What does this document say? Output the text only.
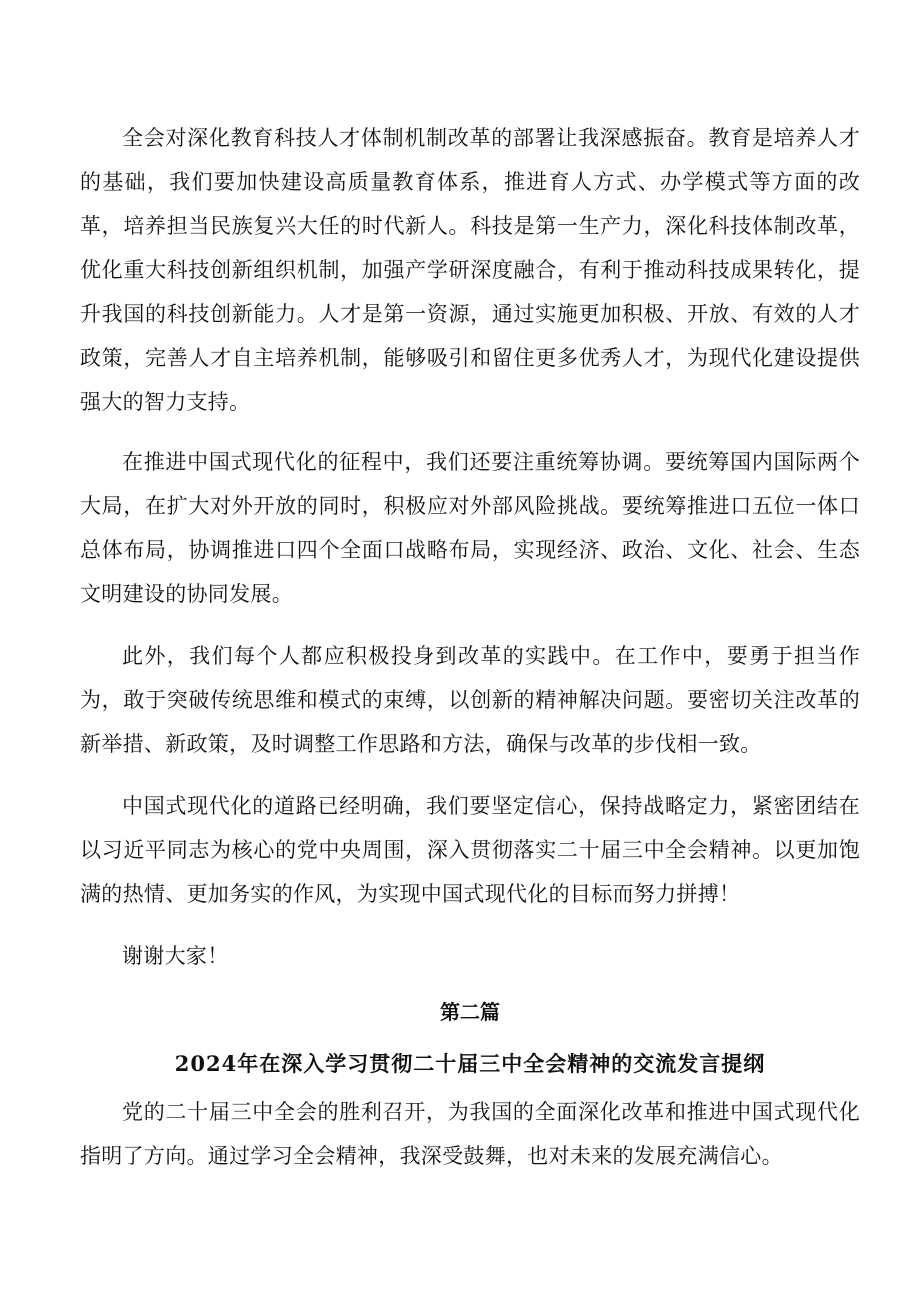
全会对深化教育科技人才体制机制改革的部署让我深感振奋。教育是培养人才的基础，我们要加快建设高质量教育体系，推进育人方式、办学模式等方面的改革，培养担当民族复兴大任的时代新人。科技是第一生产力，深化科技体制改革，优化重大科技创新组织机制，加强产学研深度融合，有利于推动科技成果转化，提升我国的科技创新能力。人才是第一资源，通过实施更加积极、开放、有效的人才政策，完善人才自主培养机制，能够吸引和留住更多优秀人才，为现代化建设提供强大的智力支持。

在推进中国式现代化的征程中，我们还要注重统筹协调。要统筹国内国际两个大局，在扩大对外开放的同时，积极应对外部风险挑战。要统筹推进口五位一体口总体布局，协调推进口四个全面口战略布局，实现经济、政治、文化、社会、生态文明建设的协同发展。

此外，我们每个人都应积极投身到改革的实践中。在工作中，要勇于担当作为，敢于突破传统思维和模式的束缚，以创新的精神解决问题。要密切关注改革的新举措、新政策，及时调整工作思路和方法，确保与改革的步伐相一致。

中国式现代化的道路已经明确，我们要坚定信心，保持战略定力，紧密团结在以习近平同志为核心的党中央周围，深入贯彻落实二十届三中全会精神。以更加饱满的热情、更加务实的作风，为实现中国式现代化的目标而努力拼搏！

谢谢大家！

第二篇
2024年在深入学习贯彻二十届三中全会精神的交流发言提纲

党的二十届三中全会的胜利召开，为我国的全面深化改革和推进中国式现代化指明了方向。通过学习全会精神，我深受鼓舞，也对未来的发展充满信心。
